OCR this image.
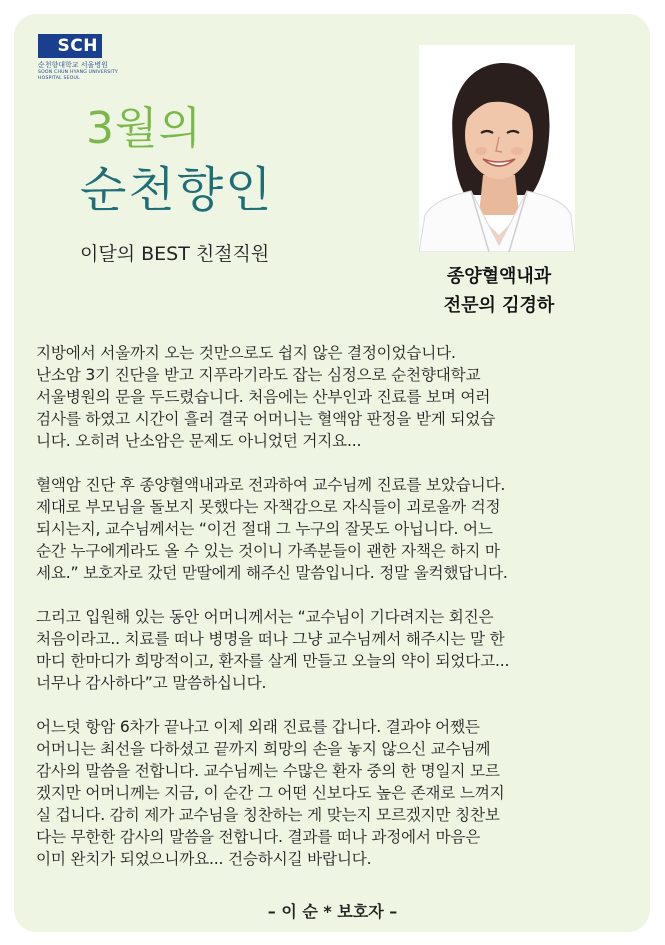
SCH
순천향대학교 서울병원
SOON CHUN HYANG UNIVERSITY
HOSPITAL SEOUL
3월의
순천향인
이달의 BEST 친절직원
종양혈액내과
전문의 김경하

지방에서 서울까지 오는 것만으로도 쉽지 않은 결정이었습니다.
난소암 3기 진단을 받고 지푸라기라도 잡는 심정으로 순천향대학교
서울병원의 문을 두드렸습니다. 처음에는 산부인과 진료를 보며 여러
검사를 하였고 시간이 흘러 결국 어머니는 혈액암 판정을 받게 되었습
니다. 오히려 난소암은 문제도 아니었던 거지요...

혈액암 진단 후 종양혈액내과로 전과하여 교수님께 진료를 보았습니다.
제대로 부모님을 돌보지 못했다는 자책감으로 자식들이 괴로울까 걱정
되시는지, 교수님께서는 “이건 절대 그 누구의 잘못도 아닙니다. 어느
순간 누구에게라도 올 수 있는 것이니 가족분들이 괜한 자책은 하지 마
세요.” 보호자로 갔던 맏딸에게 해주신 말씀입니다. 정말 울컥했답니다.

그리고 입원해 있는 동안 어머니께서는 “교수님이 기다려지는 회진은
처음이라고.. 치료를 떠나 병명을 떠나 그냥 교수님께서 해주시는 말 한
마디 한마디가 희망적이고, 환자를 살게 만들고 오늘의 약이 되었다고...
너무나 감사하다”고 말씀하십니다.

어느덧 항암 6차가 끝나고 이제 외래 진료를 갑니다. 결과야 어쨌든
어머니는 최선을 다하셨고 끝까지 희망의 손을 놓지 않으신 교수님께
감사의 말씀을 전합니다. 교수님께는 수많은 환자 중의 한 명일지 모르
겠지만 어머니께는 지금, 이 순간 그 어떤 신보다도 높은 존재로 느껴지
실 겁니다. 감히 제가 교수님을 칭찬하는 게 맞는지 모르겠지만 칭찬보
다는 무한한 감사의 말씀을 전합니다. 결과를 떠나 과정에서 마음은
이미 완치가 되었으니까요... 건승하시길 바랍니다.

– 이 순 * 보호자 –
